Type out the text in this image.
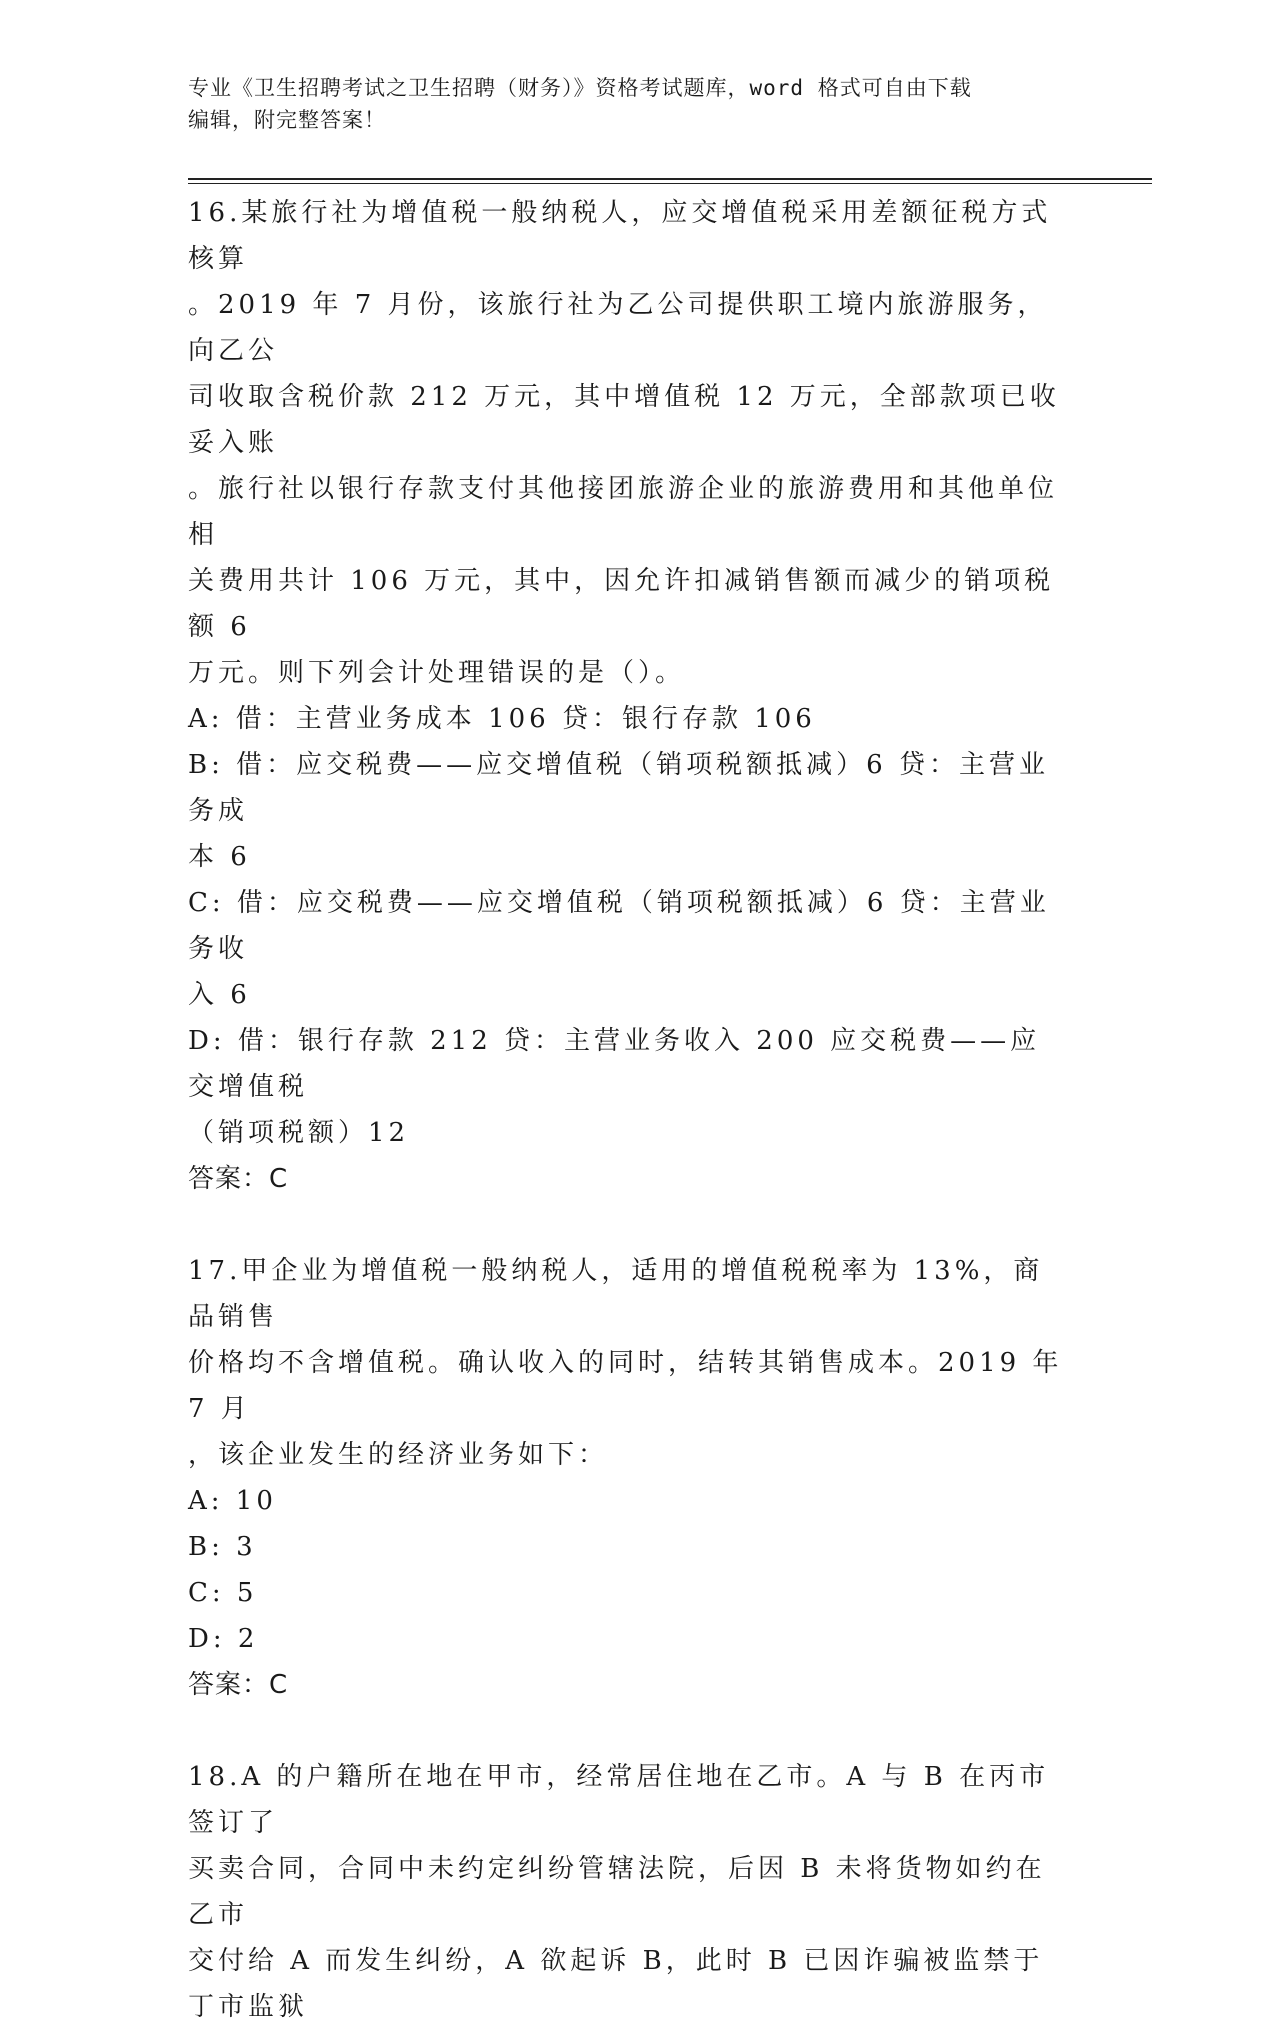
专业《卫生招聘考试之卫生招聘（财务）》资格考试题库，word 格式可自由下载
编辑，附完整答案！
16.某旅行社为增值税一般纳税人，应交增值税采用差额征税方式核算
。2019 年 7 月份，该旅行社为乙公司提供职工境内旅游服务，向乙公
司收取含税价款 212 万元，其中增值税 12 万元，全部款项已收妥入账
。旅行社以银行存款支付其他接团旅游企业的旅游费用和其他单位相
关费用共计 106 万元，其中，因允许扣减销售额而减少的销项税额 6
万元。则下列会计处理错误的是（）。
A: 借：主营业务成本 106 贷：银行存款 106
B: 借：应交税费——应交增值税（销项税额抵减）6 贷：主营业务成
本 6
C: 借：应交税费——应交增值税（销项税额抵减）6 贷：主营业务收
入 6
D: 借：银行存款 212 贷：主营业务收入 200 应交税费——应交增值税
（销项税额）12
答案：C
17.甲企业为增值税一般纳税人，适用的增值税税率为 13%，商品销售
价格均不含增值税。确认收入的同时，结转其销售成本。2019 年 7 月
，该企业发生的经济业务如下：
A: 10
B: 3
C: 5
D: 2
答案：C
18.A 的户籍所在地在甲市，经常居住地在乙市。A 与 B 在丙市签订了
买卖合同，合同中未约定纠纷管辖法院，后因 B 未将货物如约在乙市
交付给 A 而发生纠纷，A 欲起诉 B，此时 B 已因诈骗被监禁于丁市监狱
